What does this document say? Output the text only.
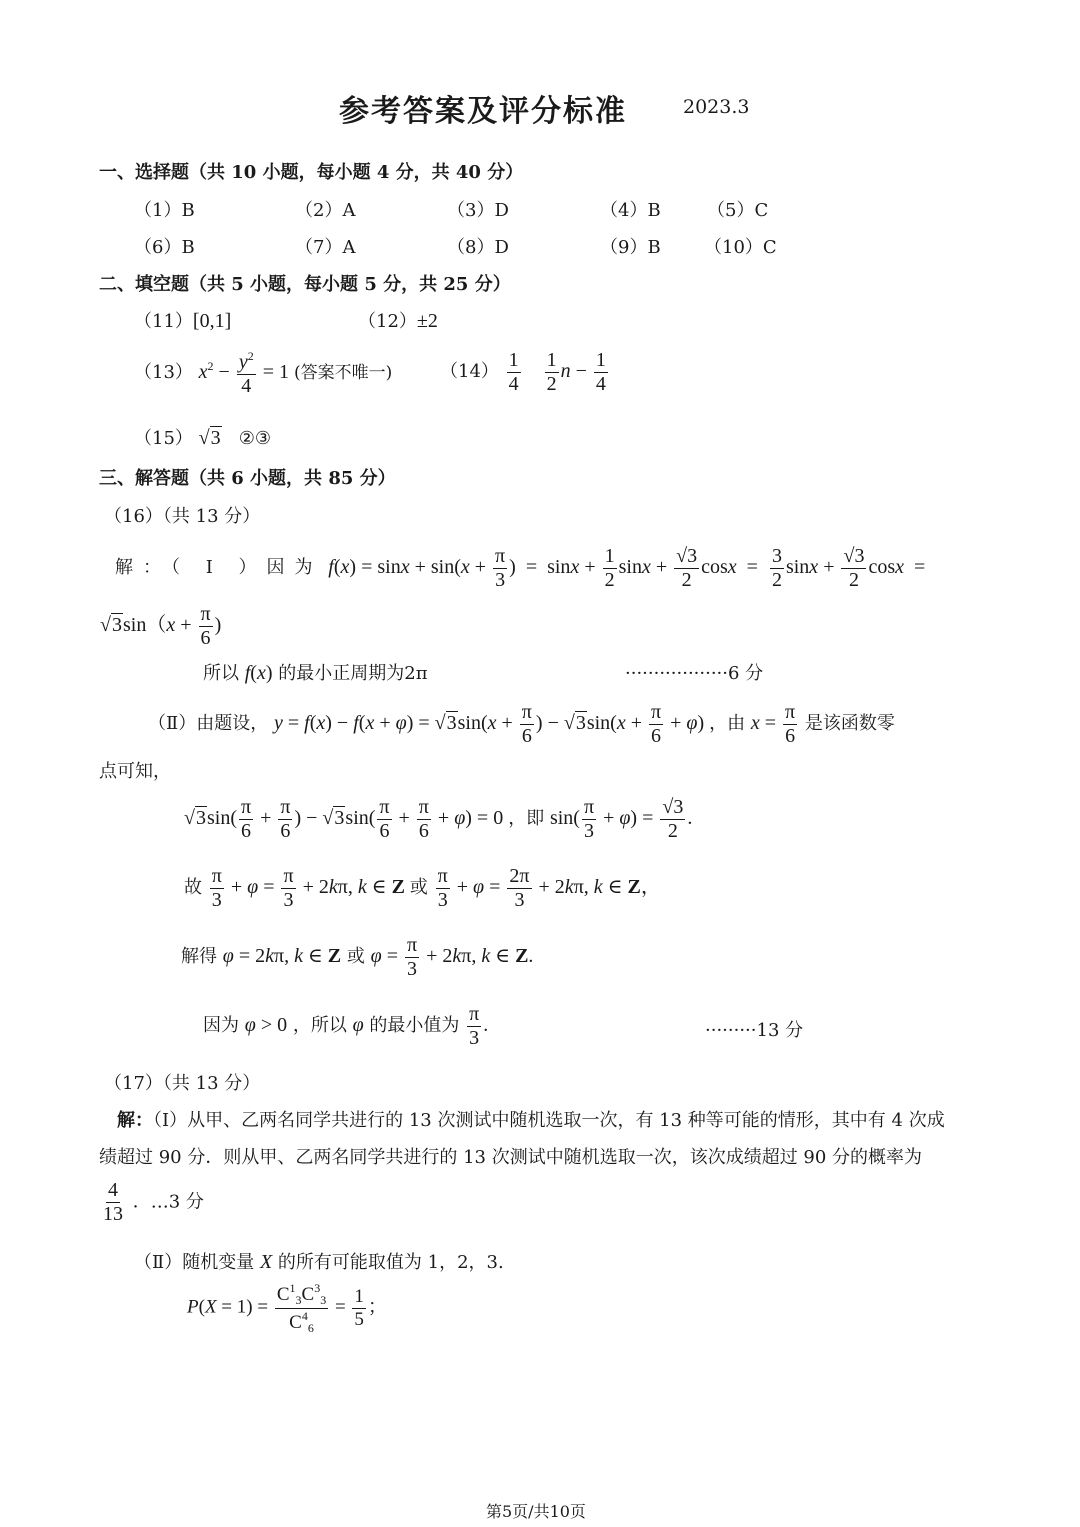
参考答案及评分标准	2023.3
一、选择题（共 10 小题，每小题 4 分，共 40 分）
（1）B	（2）A	（3）D	（4）B	（5）C
（6）B	（7）A	（8）D	（9）B （10）C
二、填空题（共 5 小题，每小题 5 分，共 25 分）
（11）[0,1]	（12）±2
（13） $x^2 - \frac{y^2}{4} = 1$ (答案不唯一)	$(14) \frac{1}{4}$
$\frac{1}{2}$ $n - \frac{1}{4}$
（15） √3 ②③
三、解答题（共 6 小题，共 85 分）
（16）（共 13 分）
解：（ Ⅰ ）因为 $f(x) = \sin x + \sin(x + \frac{\pi}{3}$ )  =  $\sin x + \frac{1}{2}$ $\sin x + \frac{√3}{2}$ $\cos x = \frac{3}{2}$ $\sin x + \frac{√3}{2}$ cosx  =
$√3\sin(x + \frac{\pi}{6}$ )
所以 f(x) 的最小正周期为2π	··················6 分
（Ⅱ）由题设， $y = f(x) - f(x + \varphi) = √3\sin(x + \frac{\pi}{6}$ ) − $√3\sin(x + \frac{\pi}{6} + \varphi)$ ，由 $x = \frac{\pi}{6}$ 是该函数零
点可知，
$√3\sin( \frac{\pi}{6} + \frac{\pi}{6}$ ) − $√3\sin( \frac{\pi}{6} + \frac{\pi}{6} + \varphi) = 0$ ，即 $\sin( \frac{\pi}{3} + \varphi) = \frac{√3}{2}$ .
故 $\frac{\pi}{3} + \varphi = \frac{\pi}{3} + 2k\pi$, k ∈ Z 或 $\frac{\pi}{3} + \varphi = \frac{2\pi}{3} + 2k\pi$, k ∈ Z，
解得 φ = 2kπ, k ∈ Z 或 $\varphi = \frac{\pi}{3} + 2k\pi$, k ∈ Z.
因为 φ > 0 ，所以 φ 的最小值为 $\frac{\pi}{3}$ .	·········13 分
（17）（共 13 分）
解：（Ⅰ）从甲、乙两名同学共进行的 13 次测试中随机选取一次，有 13 种等可能的情形，其中有 4 次成
绩超过 90 分．则从甲、乙两名同学共进行的 13 次测试中随机选取一次，该次成绩超过 90 分的概率为
$\frac{4}{13}$ ．…3 分
（Ⅱ）随机变量 X 的所有可能取值为 1，2，3.
$P(X = 1) = \frac{C^1_3C^3_3}{C^4_6} = \frac{1}{5}$ ；
第5页/共10页
